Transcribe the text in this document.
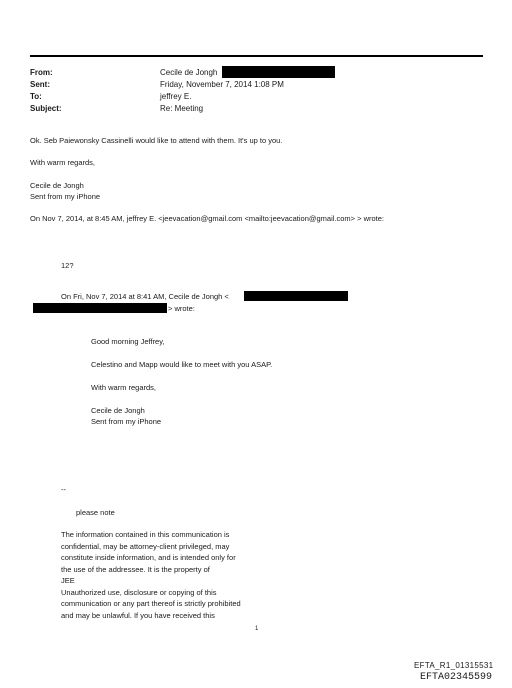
From:	Cecile de Jongh
Sent:	Friday, November 7, 2014 1:08 PM
To:	jeffrey E.
Subject:	Re: Meeting
Ok. Seb Paiewonsky Cassinelli would like to attend with them. It's up to you.
With warm regards,
Cecile de Jongh
Sent from my iPhone
On Nov 7, 2014, at 8:45 AM, jeffrey E. <jeevacation@gmail.com <mailto:jeevacation@gmail.com> > wrote:
12?
On Fri, Nov 7, 2014 at 8:41 AM, Cecile de Jongh <
> wrote:
Good morning Jeffrey,
Celestino and Mapp would like to meet with you ASAP.
With warm regards,
Cecile de Jongh
Sent from my iPhone
--
please note
The information contained in this communication is
confidential, may be attorney-client privileged, may
constitute inside information, and is intended only for
the use of the addressee. It is the property of
JEE
Unauthorized use, disclosure or copying of this
communication or any part thereof is strictly prohibited
and may be unlawful. If you have received this
1
EFTA_R1_01315531
EFTA02345599
